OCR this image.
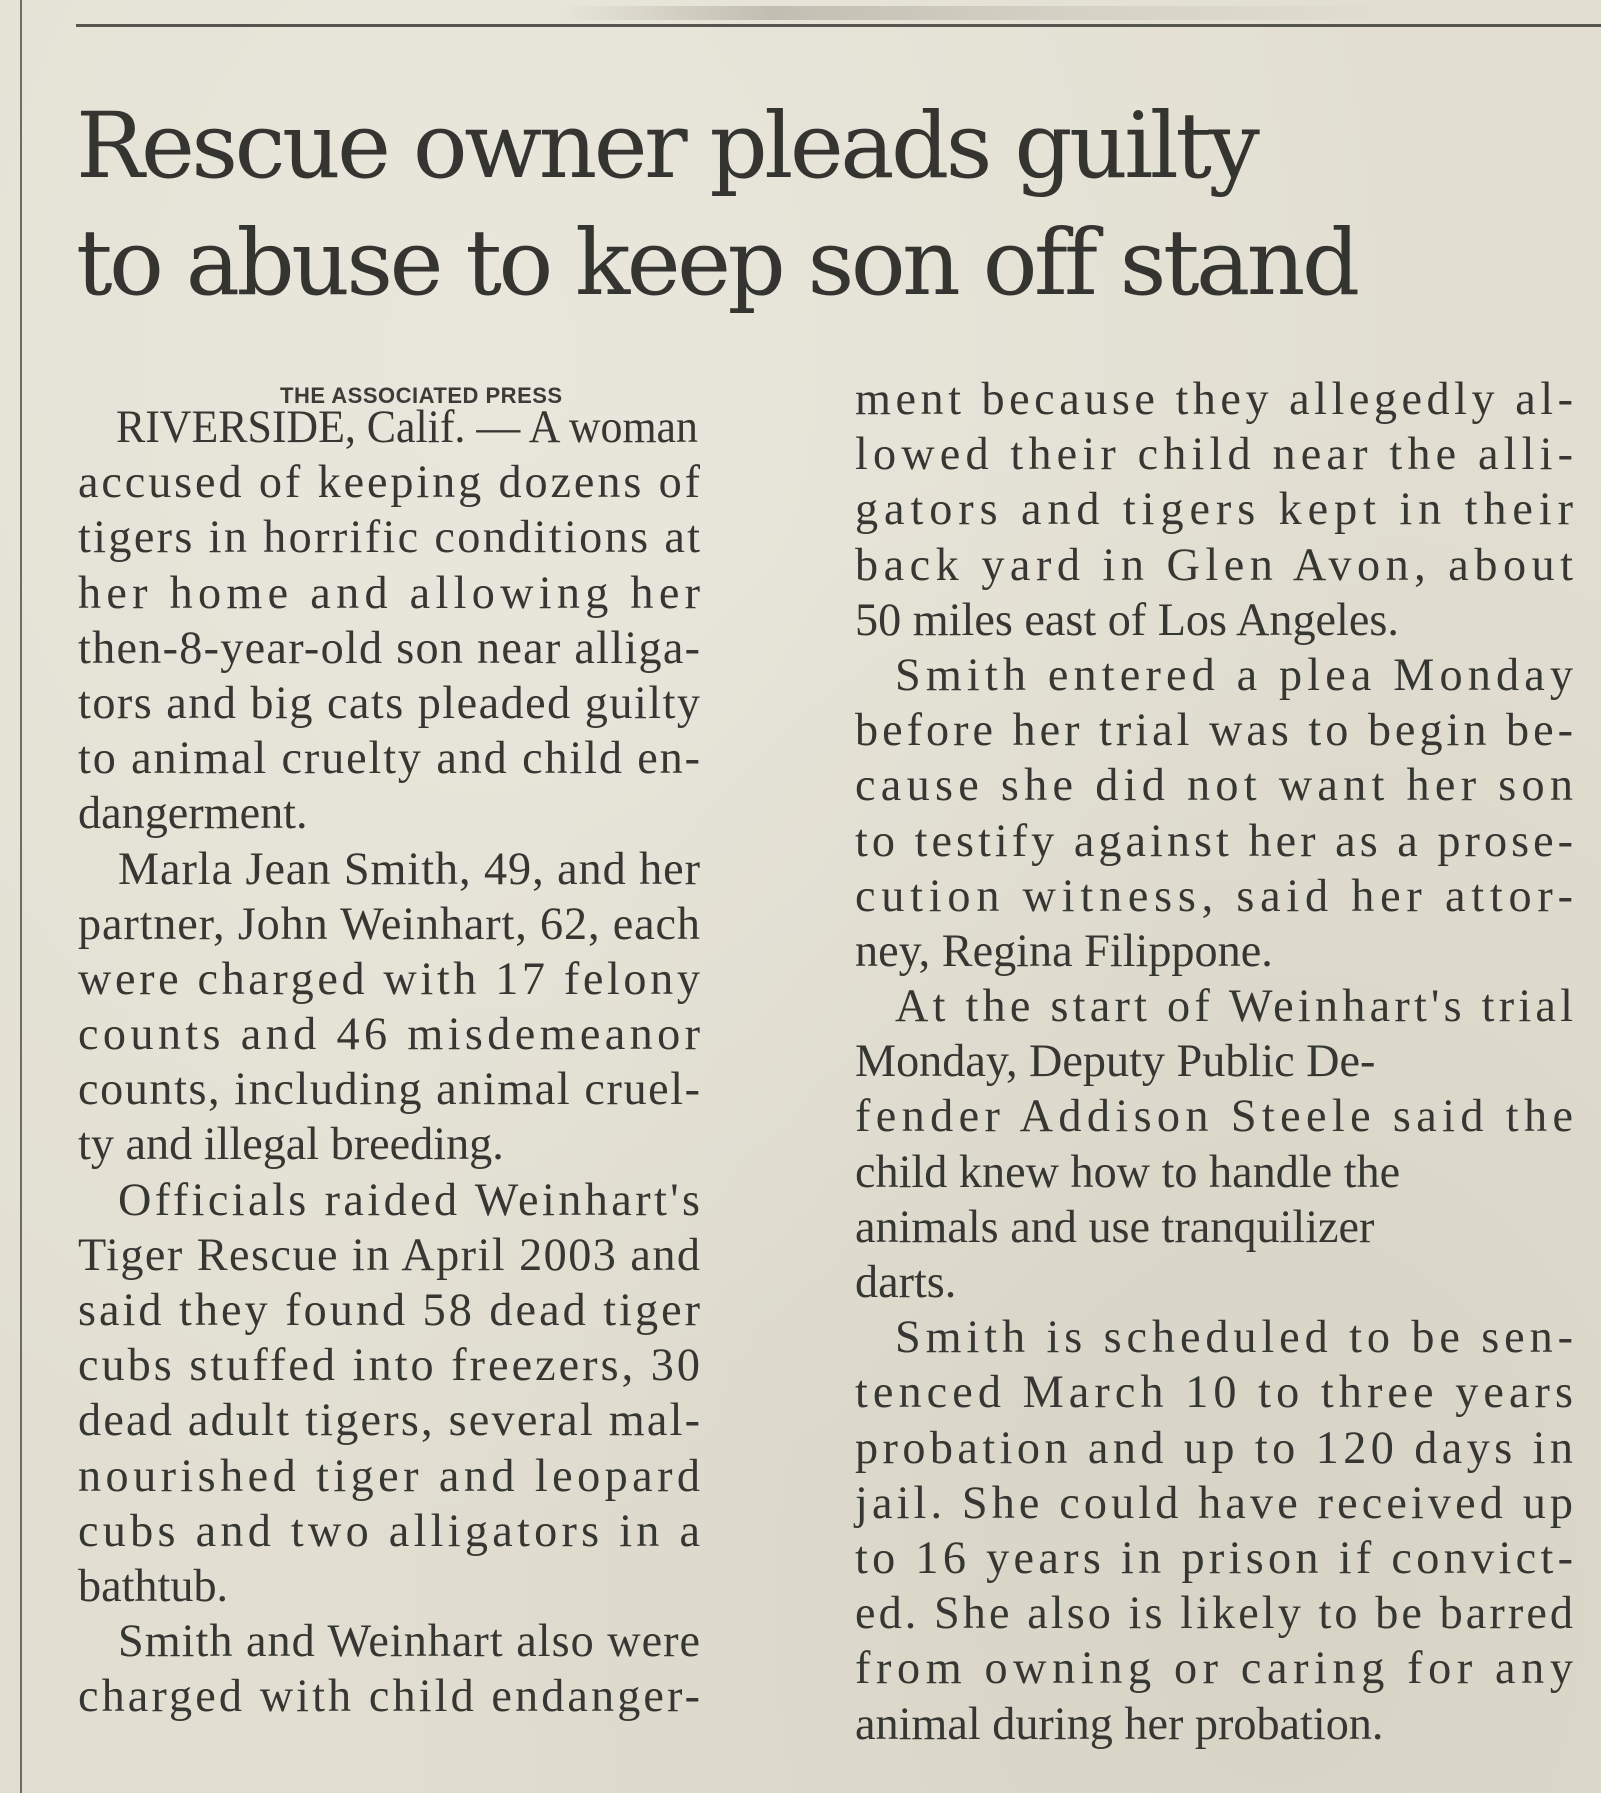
Rescue owner pleads guilty
to abuse to keep son off stand
THE ASSOCIATED PRESS
RIVERSIDE, Calif. — A woman
accused of keeping dozens of
tigers in horrific conditions at
her home and allowing her
then-8-year-old son near alliga-
tors and big cats pleaded guilty
to animal cruelty and child en-
dangerment.
Marla Jean Smith, 49, and her
partner, John Weinhart, 62, each
were charged with 17 felony
counts and 46 misdemeanor
counts, including animal cruel-
ty and illegal breeding.
Officials raided Weinhart's
Tiger Rescue in April 2003 and
said they found 58 dead tiger
cubs stuffed into freezers, 30
dead adult tigers, several mal-
nourished tiger and leopard
cubs and two alligators in a
bathtub.
Smith and Weinhart also were
charged with child endanger-
ment because they allegedly al-
lowed their child near the alli-
gators and tigers kept in their
back yard in Glen Avon, about
50 miles east of Los Angeles.
Smith entered a plea Monday
before her trial was to begin be-
cause she did not want her son
to testify against her as a prose-
cution witness, said her attor-
ney, Regina Filippone.
At the start of Weinhart's trial
Monday, Deputy Public De-
fender Addison Steele said the
child knew how to handle the
animals and use tranquilizer
darts.
Smith is scheduled to be sen-
tenced March 10 to three years
probation and up to 120 days in
jail. She could have received up
to 16 years in prison if convict-
ed. She also is likely to be barred
from owning or caring for any
animal during her probation.
